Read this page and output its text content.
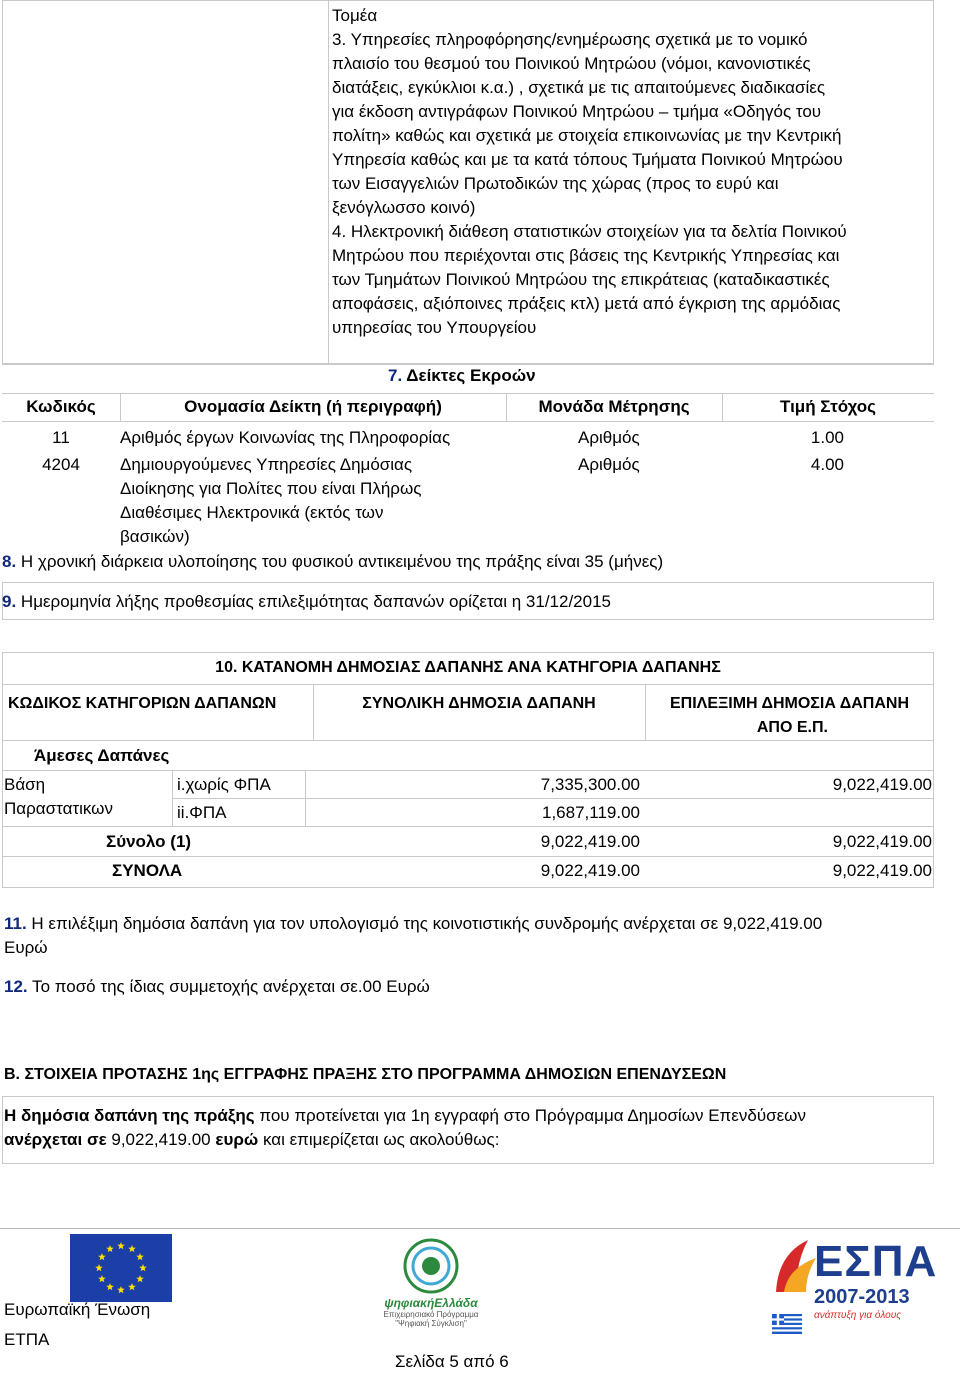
Τομέα
3. Υπηρεσίες πληροφόρησης/ενημέρωσης σχετικά με το νομικό
πλαισίο του θεσμού του Ποινικού Μητρώου (νόμοι, κανονιστικές
διατάξεις, εγκύκλιοι κ.α.) , σχετικά με τις απαιτούμενες διαδικασίες
για έκδοση αντιγράφων Ποινικού Μητρώου – τμήμα «Οδηγός του
πολίτη» καθώς και σχετικά με στοιχεία επικοινωνίας με την Κεντρική
Υπηρεσία καθώς και με τα κατά τόπους Τμήματα Ποινικού Μητρώου
των Εισαγγελιών Πρωτοδικών της χώρας (προς το ευρύ και
ξενόγλωσσο κοινό)
4. Ηλεκτρονική διάθεση στατιστικών στοιχείων για τα δελτία Ποινικού
Μητρώου που περιέχονται στις βάσεις της Κεντρικής Υπηρεσίας και
των Τμημάτων Ποινικού Μητρώου της επικράτειας (καταδικαστικές
αποφάσεις, αξιόποινες πράξεις κτλ) μετά από έγκριση της αρμόδιας
υπηρεσίας του Υπουργείου
7. Δείκτες Εκροών
Κωδικός	Ονομασία Δείκτη (ή περιγραφή)	Μονάδα Μέτρησης	Τιμή Στόχος
11	Αριθμός έργων Κοινωνίας της Πληροφορίας	Αριθμός	1.00
4204	Δημιουργούμενες Υπηρεσίες Δημόσιας
Διοίκησης για Πολίτες που είναι Πλήρως
Διαθέσιμες Ηλεκτρονικά (εκτός των
βασικών)
Αριθμός	4.00
8. Η χρονική διάρκεια υλοποίησης του φυσικού αντικειμένου της πράξης είναι 35 (μήνες)
9. Ημερομηνία λήξης προθεσμίας επιλεξιμότητας δαπανών ορίζεται η 31/12/2015
10. ΚΑΤΑΝΟΜΗ ΔΗΜΟΣΙΑΣ ΔΑΠΑΝΗΣ ΑΝΑ ΚΑΤΗΓΟΡΙΑ ΔΑΠΑΝΗΣ
ΚΩΔΙΚΟΣ ΚΑΤΗΓΟΡΙΩΝ ΔΑΠΑΝΩΝ	ΣΥΝΟΛΙΚΗ ΔΗΜΟΣΙΑ ΔΑΠΑΝΗ	ΕΠΙΛΕΞΙΜΗ ΔΗΜΟΣΙΑ ΔΑΠΑΝΗ
ΑΠΟ Ε.Π.
Άμεσες Δαπάνες
Βάση
Παραστατικων
i.χωρίς ΦΠΑ	7,335,300.00	9,022,419.00
ii.ΦΠΑ	1,687,119.00
Σύνολο (1)	9,022,419.00	9,022,419.00
ΣΥΝΟΛΑ	9,022,419.00	9,022,419.00
11. Η επιλέξιμη δημόσια δαπάνη για τον υπολογισμό της κοινοτιστικής συνδρομής ανέρχεται σε 9,022,419.00
Ευρώ
12. Το ποσό της ίδιας συμμετοχής ανέρχεται σε.00 Ευρώ
Β. ΣΤΟΙΧΕΙΑ ΠΡΟΤΑΣΗΣ 1ης ΕΓΓΡΑΦΗΣ ΠΡΑΞΗΣ ΣΤΟ ΠΡΟΓΡΑΜΜΑ ΔΗΜΟΣΙΩΝ ΕΠΕΝΔΥΣΕΩΝ
Η δημόσια δαπάνη της πράξης που προτείνεται για 1η εγγραφή στο Πρόγραμμα Δημοσίων Επενδύσεων
ανέρχεται σε 9,022,419.00 ευρώ και επιμερίζεται ως ακολούθως:
Ευρωπαϊκή Ένωση
ΕΤΠΑ
ψηφιακήΕλλάδα
Επιχειρησιακό Πρόγραμμα
"Ψηφιακή Σύγκλιση"
ΕΣΠΑ
2007-2013
ανάπτυξη για όλους
Σελίδα 5 από 6
